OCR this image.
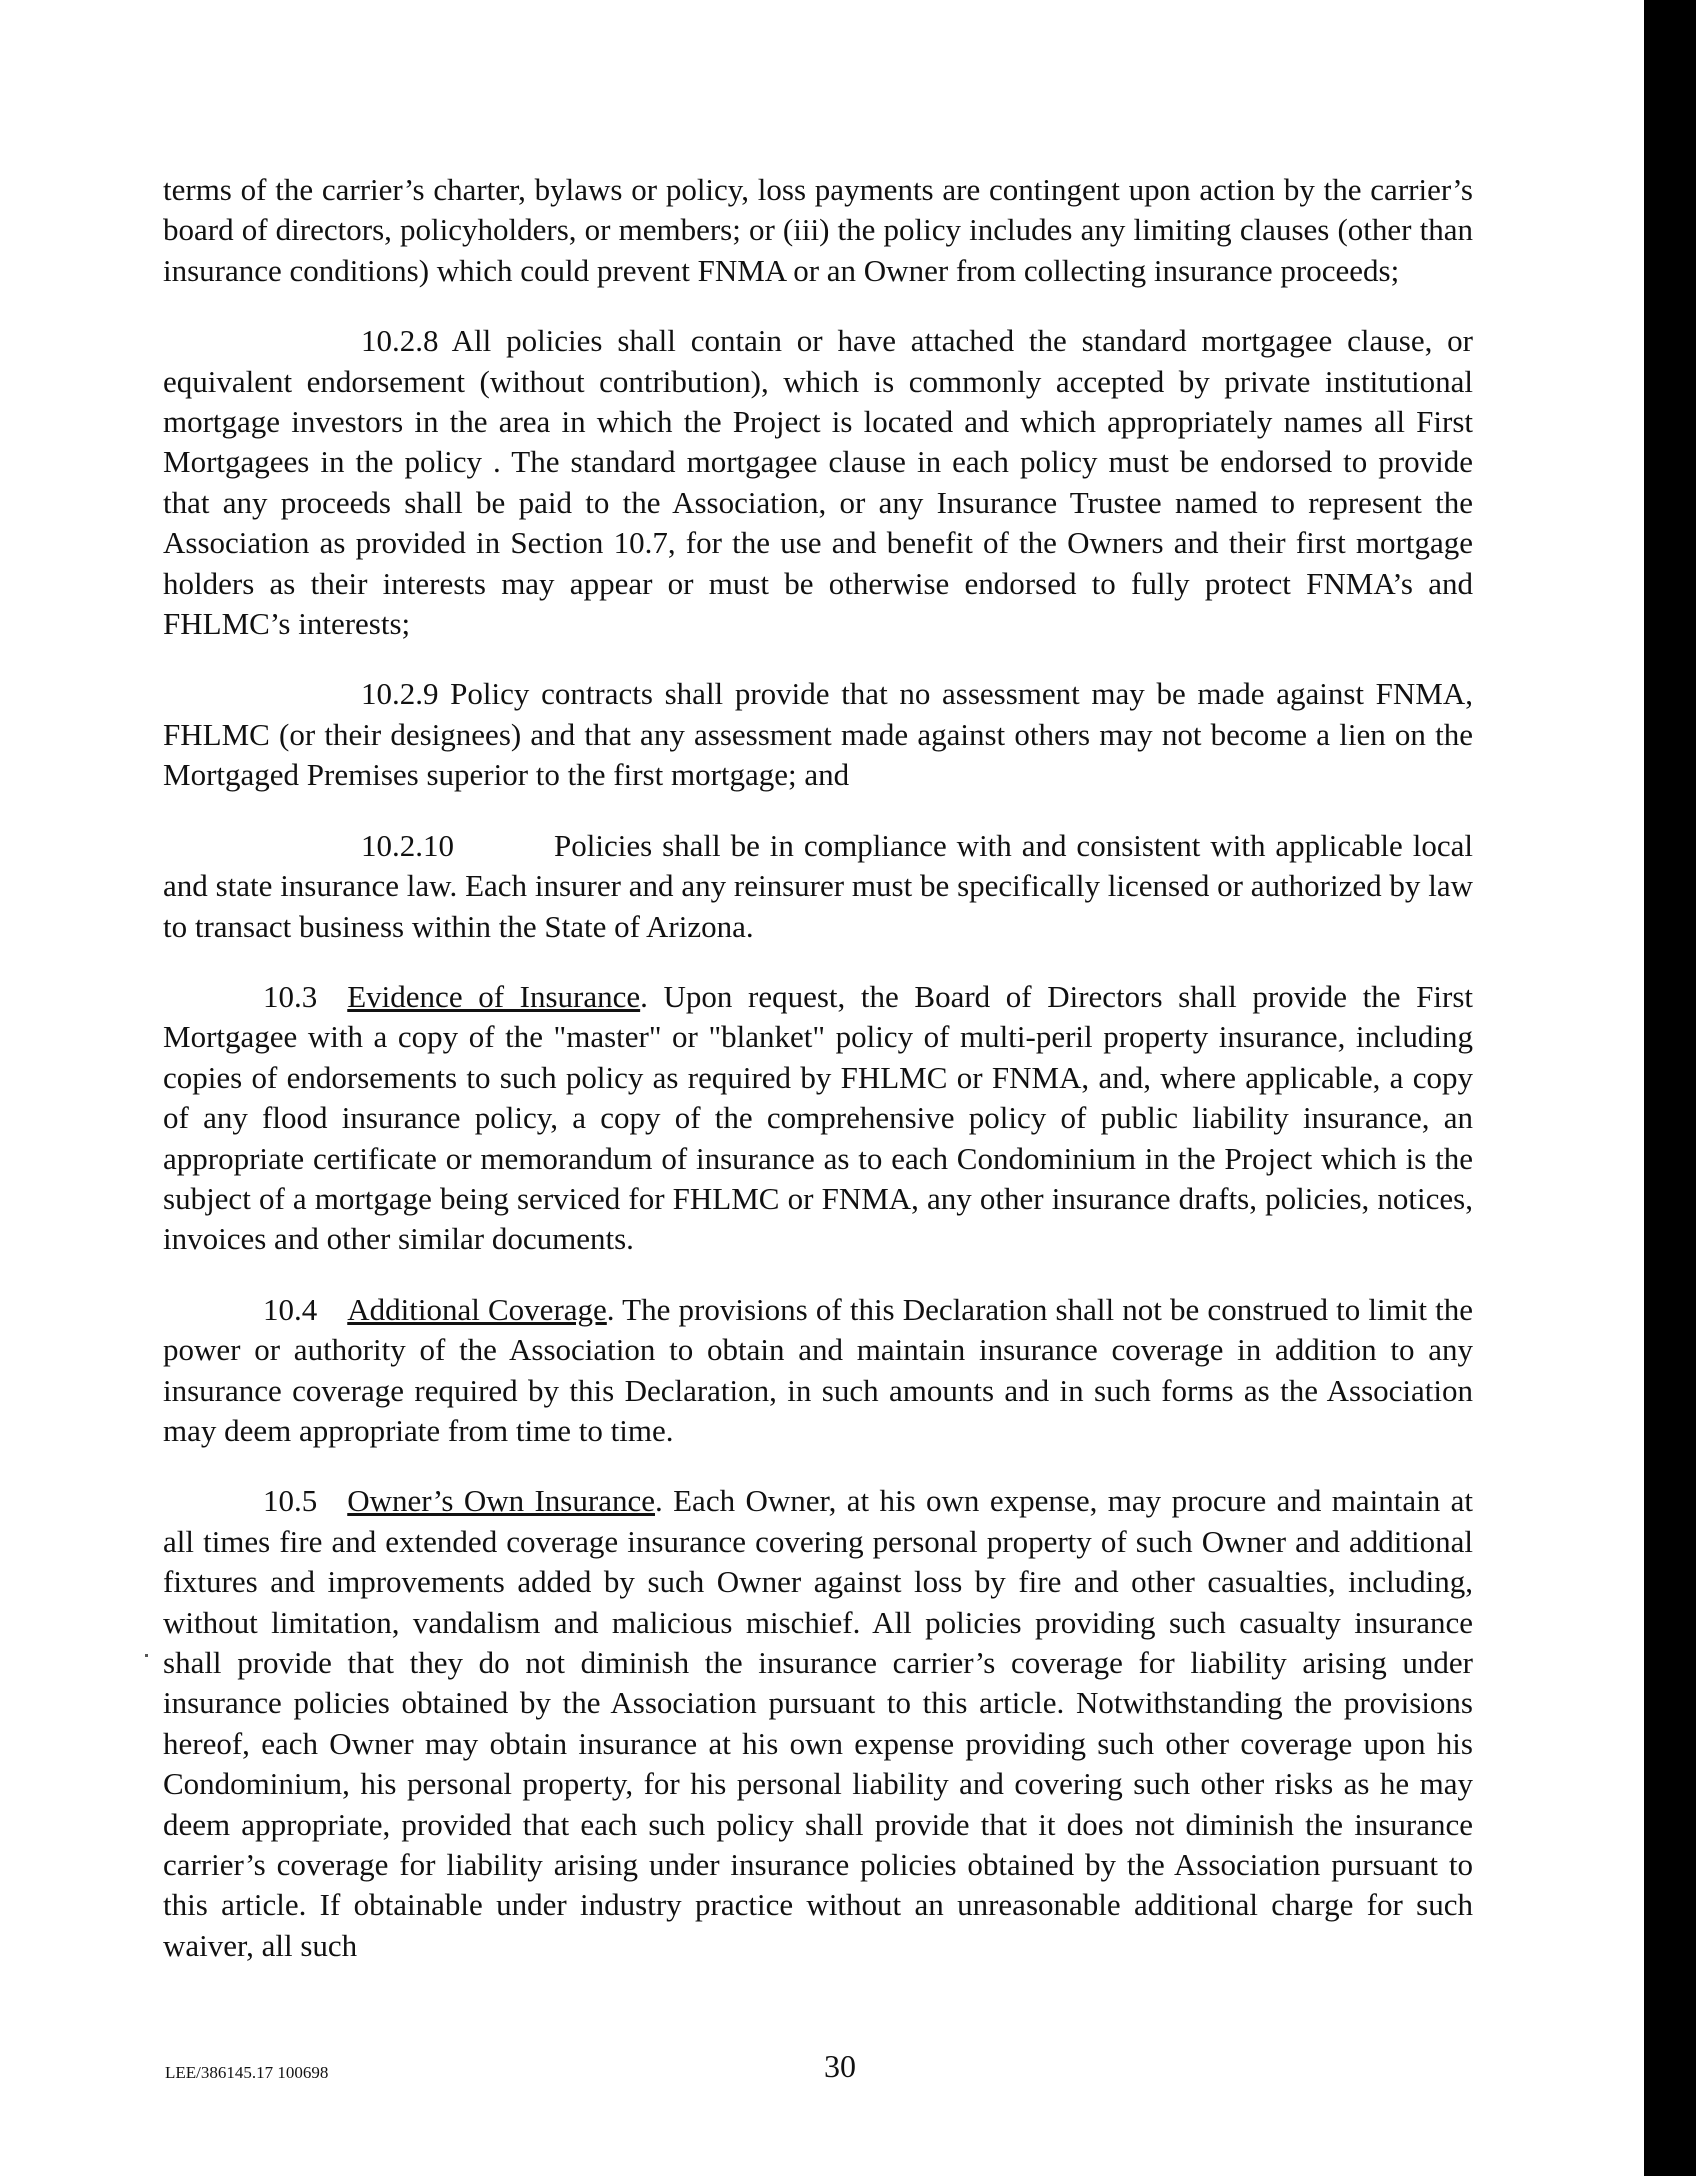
terms of the carrier’s charter, bylaws or policy, loss payments are contingent upon action by the carrier’s board of directors, policyholders, or members; or (iii) the policy includes any limiting clauses (other than insurance conditions) which could prevent FNMA or an Owner from collecting insurance proceeds;

10.2.8 All policies shall contain or have attached the standard mortgagee clause, or equivalent endorsement (without contribution), which is commonly accepted by private institutional mortgage investors in the area in which the Project is located and which appropriately names all First Mortgagees in the policy . The standard mortgagee clause in each policy must be endorsed to provide that any proceeds shall be paid to the Association, or any Insurance Trustee named to represent the Association as provided in Section 10.7, for the use and benefit of the Owners and their first mortgage holders as their interests may appear or must be otherwise endorsed to fully protect FNMA’s and FHLMC’s interests;

10.2.9 Policy contracts shall provide that no assessment may be made against FNMA, FHLMC (or their designees) and that any assessment made against others may not become a lien on the Mortgaged Premises superior to the first mortgage; and

10.2.10	Policies shall be in compliance with and consistent with applicable local and state insurance law. Each insurer and any reinsurer must be specifically licensed or authorized by law to transact business within the State of Arizona.

10.3 Evidence of Insurance. Upon request, the Board of Directors shall provide the First Mortgagee with a copy of the "master" or "blanket" policy of multi-peril property insurance, including copies of endorsements to such policy as required by FHLMC or FNMA, and, where applicable, a copy of any flood insurance policy, a copy of the comprehensive policy of public liability insurance, an appropriate certificate or memorandum of insurance as to each Condominium in the Project which is the subject of a mortgage being serviced for FHLMC or FNMA, any other insurance drafts, policies, notices, invoices and other similar documents.

10.4 Additional Coverage. The provisions of this Declaration shall not be construed to limit the power or authority of the Association to obtain and maintain insurance coverage in addition to any insurance coverage required by this Declaration, in such amounts and in such forms as the Association may deem appropriate from time to time.

10.5 Owner’s Own Insurance. Each Owner, at his own expense, may procure and maintain at all times fire and extended coverage insurance covering personal property of such Owner and additional fixtures and improvements added by such Owner against loss by fire and other casualties, including, without limitation, vandalism and malicious mischief. All policies providing such casualty insurance shall provide that they do not diminish the insurance carrier’s coverage for liability arising under insurance policies obtained by the Association pursuant to this article. Notwithstanding the provisions hereof, each Owner may obtain insurance at his own expense providing such other coverage upon his Condominium, his personal property, for his personal liability and covering such other risks as he may deem appropriate, provided that each such policy shall provide that it does not diminish the insurance carrier’s coverage for liability arising under insurance policies obtained by the Association pursuant to this article. If obtainable under industry practice without an unreasonable additional charge for such waiver, all such

LEE/386145.17 100698	30
